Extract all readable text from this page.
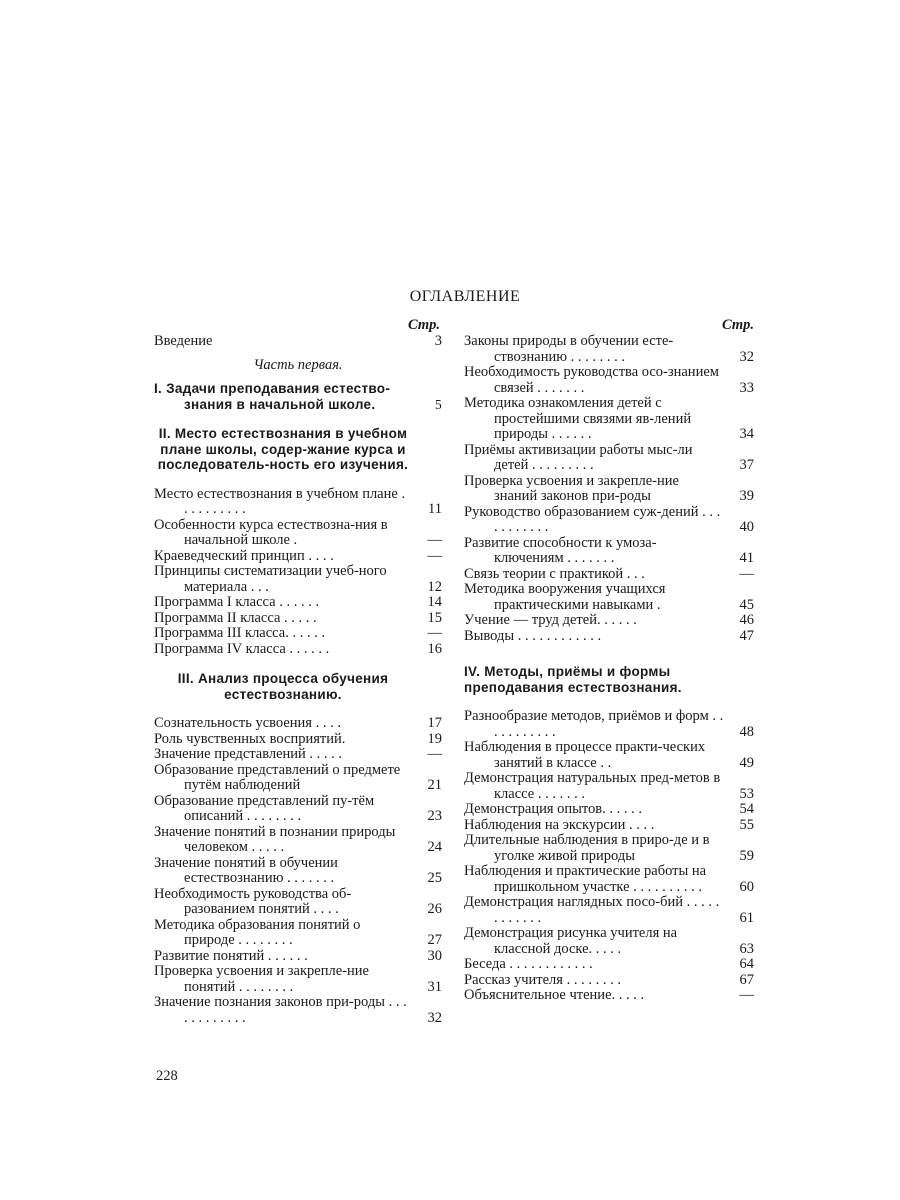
ОГЛАВЛЕНИЕ
Стр.
Введение	3
Часть первая.
I. Задачи преподавания естество-знания в начальной школе.	5
II. Место естествознания в учебном плане школы, содер-жание курса и последователь-ность его изучения.
Место естествознания в учебном плане . . . . . . . . . .	11
Особенности курса естествозна-ния в начальной школе .	—
Краеведческий принцип . . . .	—
Принципы систематизации учеб-ного материала . . .	12
Программа I класса . . . . . .	14
Программа II класса . . . . .	15
Программа III класса. . . . . .	—
Программа IV класса . . . . . .	16
III. Анализ процесса обучения естествознанию.
Сознательность усвоения . . . .	17
Роль чувственных восприятий.	19
Значение представлений . . . . .	—
Образование представлений о предмете путём наблюдений	21
Образование представлений пу-тём описаний . . . . . . . .	23
Значение понятий в познании природы человеком . . . . .	24
Значение понятий в обучении естествознанию . . . . . . .	25
Необходимость руководства об-разованием понятий . . . .	26
Методика образования понятий о природе . . . . . . . .	27
Развитие понятий . . . . . .	30
Проверка усвоения и закрепле-ние понятий . . . . . . . .	31
Значение познания законов при-роды . . . . . . . . . . . .	32
Стр.
Законы природы в обучении есте-ствознанию . . . . . . . .	32
Необходимость руководства осо-знанием связей . . . . . . .	33
Методика ознакомления детей с простейшими связями яв-лений природы . . . . . .	34
Приёмы активизации работы мыс-ли детей . . . . . . . . .	37
Проверка усвоения и закрепле-ние знаний законов при-роды	39
Руководство образованием суж-дений . . . . . . . . . . .	40
Развитие способности к умоза-ключениям . . . . . . .	41
Связь теории с практикой . . .	—
Методика вооружения учащихся практическими навыками .	45
Учение — труд детей. . . . . .	46
Выводы . . . . . . . . . . . .	47
IV. Методы, приёмы и формы преподавания естествознания.
Разнообразие методов, приёмов и форм . . . . . . . . . . .	48
Наблюдения в процессе практи-ческих занятий в классе . .	49
Демонстрация натуральных пред-метов в классе . . . . . . .	53
Демонстрация опытов. . . . . .	54
Наблюдения на экскурсии . . . .	55
Длительные наблюдения в приро-де и в уголке живой природы	59
Наблюдения и практические работы на пришкольном участке . . . . . . . . . .	60
Демонстрация наглядных посо-бий . . . . . . . . . . . .	61
Демонстрация рисунка учителя на классной доске. . . . .	63
Беседа . . . . . . . . . . . .	64
Рассказ учителя . . . . . . . .	67
Объяснительное чтение. . . . .	—
228
